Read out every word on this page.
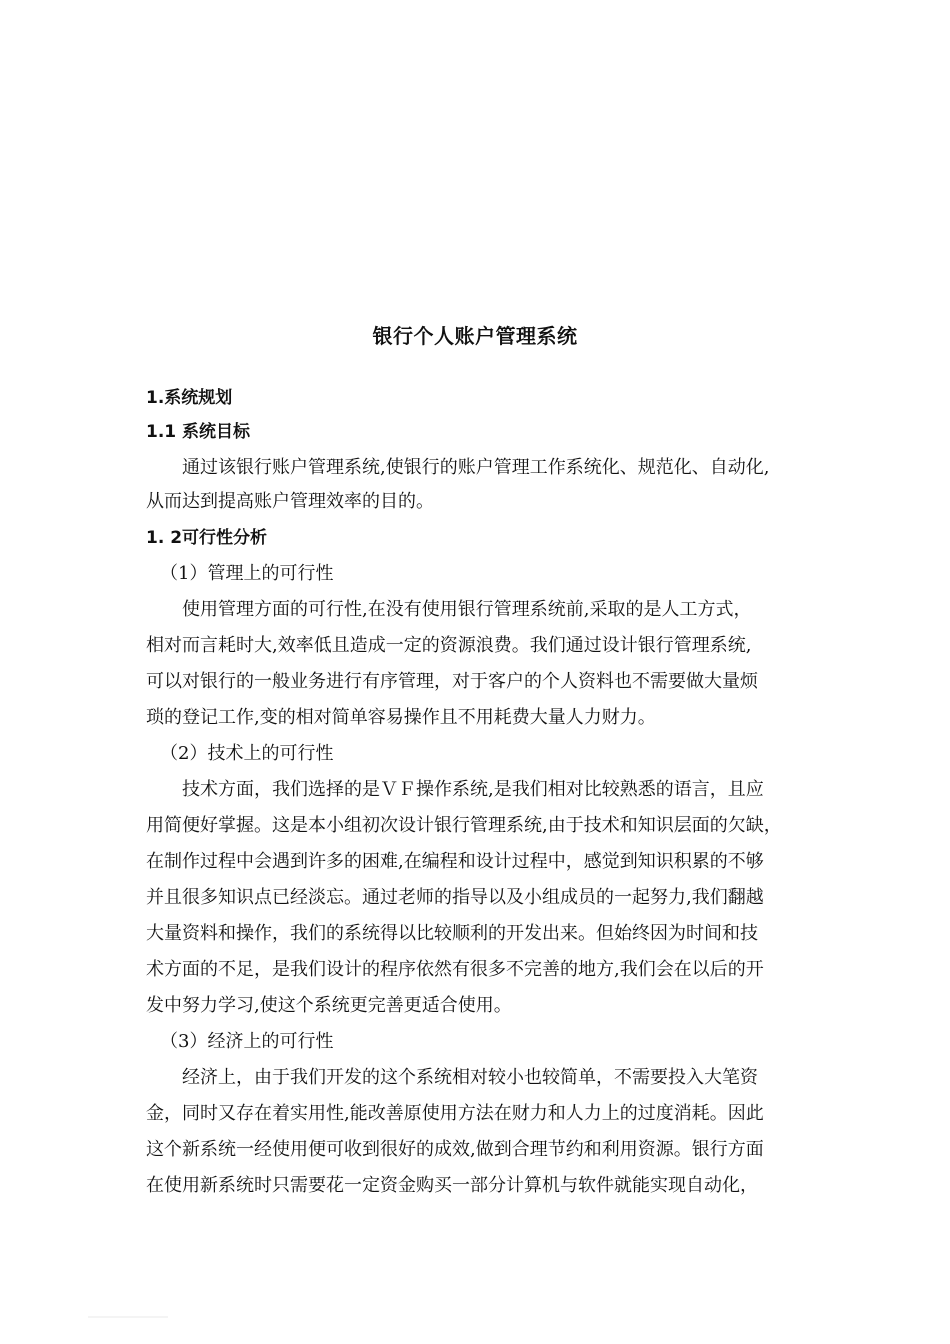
银行个人账户管理系统
1.系统规划
1.1 系统目标
通过该银行账户管理系统,使银行的账户管理工作系统化、规范化、自动化,
从而达到提高账户管理效率的目的。
1. 2可行性分析
（1）管理上的可行性
使用管理方面的可行性,在没有使用银行管理系统前,采取的是人工方式，
相对而言耗时大,效率低且造成一定的资源浪费。我们通过设计银行管理系统,
可以对银行的一般业务进行有序管理，对于客户的个人资料也不需要做大量烦
琐的登记工作,变的相对简单容易操作且不用耗费大量人力财力。
（2）技术上的可行性
技术方面，我们选择的是ＶＦ操作系统,是我们相对比较熟悉的语言，且应
用简便好掌握。这是本小组初次设计银行管理系统,由于技术和知识层面的欠缺，
在制作过程中会遇到许多的困难,在编程和设计过程中，感觉到知识积累的不够
并且很多知识点已经淡忘。通过老师的指导以及小组成员的一起努力,我们翻越
大量资料和操作，我们的系统得以比较顺利的开发出来。但始终因为时间和技
术方面的不足，是我们设计的程序依然有很多不完善的地方,我们会在以后的开
发中努力学习,使这个系统更完善更适合使用。
（3）经济上的可行性
经济上，由于我们开发的这个系统相对较小也较简单，不需要投入大笔资
金，同时又存在着实用性,能改善原使用方法在财力和人力上的过度消耗。因此
这个新系统一经使用便可收到很好的成效,做到合理节约和利用资源。银行方面
在使用新系统时只需要花一定资金购买一部分计算机与软件就能实现自动化，
